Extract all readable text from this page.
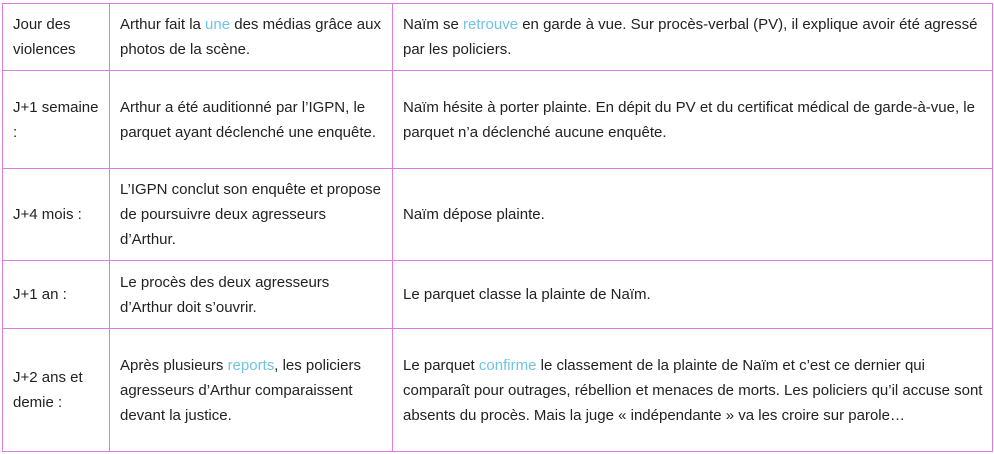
Jour des violences	Arthur fait la une des médias grâce aux photos de la scène.	Naïm se retrouve en garde à vue. Sur procès-verbal (PV), il explique avoir été agressé par les policiers.
J+1 semaine :	Arthur a été auditionné par l’IGPN, le parquet ayant déclenché une enquête.	Naïm hésite à porter plainte. En dépit du PV et du certificat médical de garde-à-vue, le parquet n’a déclenché aucune enquête.
J+4 mois :	L’IGPN conclut son enquête et propose de poursuivre deux agresseurs d’Arthur.	Naïm dépose plainte.
J+1 an :	Le procès des deux agresseurs d’Arthur doit s’ouvrir.	Le parquet classe la plainte de Naïm.
J+2 ans et demie :	Après plusieurs reports, les policiers agresseurs d’Arthur comparaissent devant la justice.	Le parquet confirme le classement de la plainte de Naïm et c’est ce dernier qui comparaît pour outrages, rébellion et menaces de morts. Les policiers qu’il accuse sont absents du procès. Mais la juge « indépendante » va les croire sur parole…
